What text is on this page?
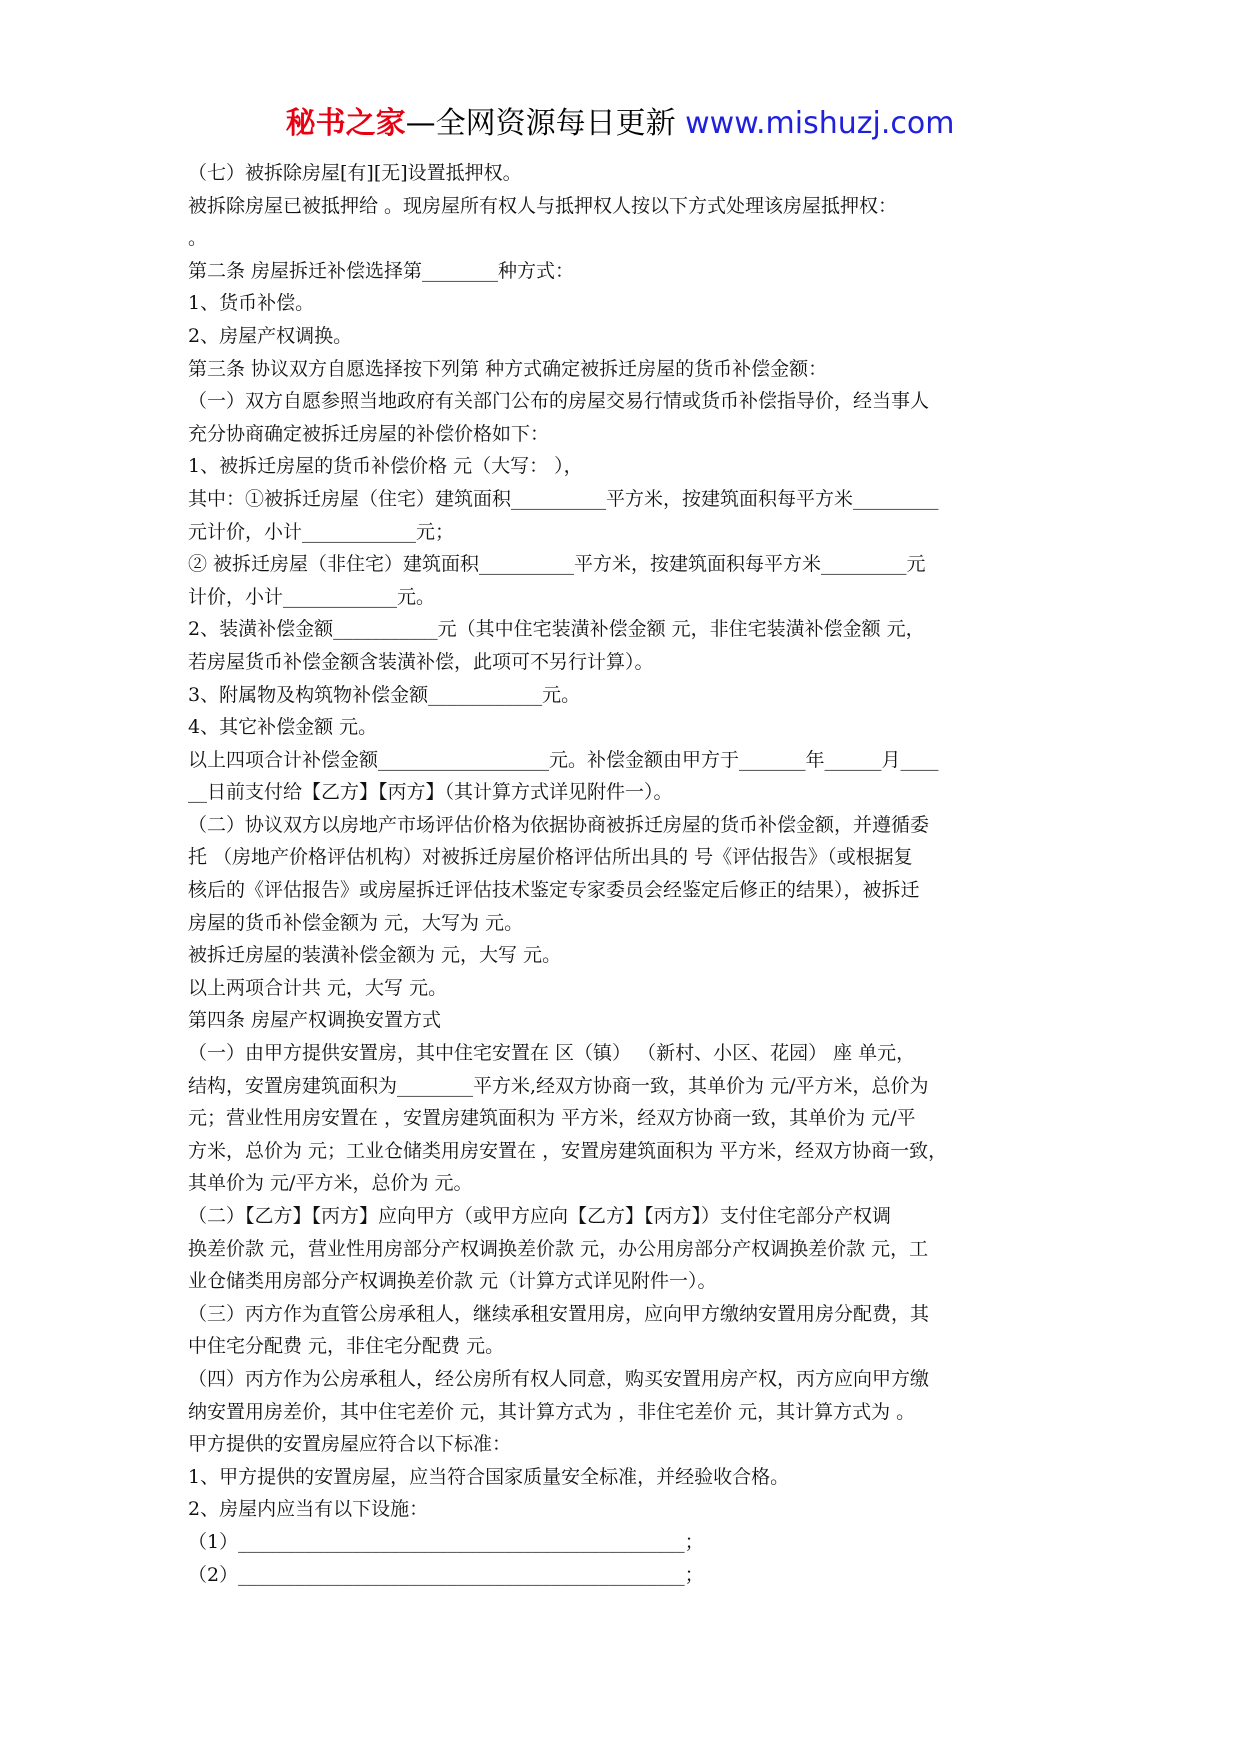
秘书之家—全网资源每日更新 www.mishuzj.com

（七）被拆除房屋[有][无]设置抵押权。

被拆除房屋已被抵押给 。现房屋所有权人与抵押权人按以下方式处理该房屋抵押权：

。

第二条 房屋拆迁补偿选择第________种方式：

1、货币补偿。

2、房屋产权调换。

第三条 协议双方自愿选择按下列第 种方式确定被拆迁房屋的货币补偿金额：

（一）双方自愿参照当地政府有关部门公布的房屋交易行情或货币补偿指导价，经当事人

充分协商确定被拆迁房屋的补偿价格如下：

1、被拆迁房屋的货币补偿价格 元（大写： ），

其中：①被拆迁房屋（住宅）建筑面积__________平方米，按建筑面积每平方米_________

元计价，小计____________元；

② 被拆迁房屋（非住宅）建筑面积__________平方米，按建筑面积每平方米_________元

计价，小计____________元。

2、装潢补偿金额___________元（其中住宅装潢补偿金额 元，非住宅装潢补偿金额 元，

若房屋货币补偿金额含装潢补偿，此项可不另行计算）。

3、附属物及构筑物补偿金额____________元。

4、其它补偿金额 元。

以上四项合计补偿金额__________________元。补偿金额由甲方于_______年______月____

__日前支付给【乙方】【丙方】（其计算方式详见附件一）。

（二）协议双方以房地产市场评估价格为依据协商被拆迁房屋的货币补偿金额，并遵循委

托 （房地产价格评估机构）对被拆迁房屋价格评估所出具的 号《评估报告》（或根据复

核后的《评估报告》或房屋拆迁评估技术鉴定专家委员会经鉴定后修正的结果），被拆迁

房屋的货币补偿金额为 元，大写为 元。

被拆迁房屋的装潢补偿金额为 元，大写 元。

以上两项合计共 元，大写 元。

第四条 房屋产权调换安置方式

（一）由甲方提供安置房，其中住宅安置在 区（镇） （新村、小区、花园） 座 单元，

结构，安置房建筑面积为________平方米,经双方协商一致，其单价为 元/平方米，总价为

元；营业性用房安置在 ，安置房建筑面积为 平方米，经双方协商一致，其单价为 元/平

方米，总价为 元；工业仓储类用房安置在 ，安置房建筑面积为 平方米，经双方协商一致，

其单价为 元/平方米，总价为 元。

（二）【乙方】【丙方】应向甲方（或甲方应向【乙方】【丙方】）支付住宅部分产权调

换差价款 元，营业性用房部分产权调换差价款 元，办公用房部分产权调换差价款 元，工

业仓储类用房部分产权调换差价款 元（计算方式详见附件一）。

（三）丙方作为直管公房承租人，继续承租安置用房，应向甲方缴纳安置用房分配费，其

中住宅分配费 元，非住宅分配费 元。

（四）丙方作为公房承租人，经公房所有权人同意，购买安置用房产权，丙方应向甲方缴

纳安置用房差价，其中住宅差价 元，其计算方式为 ，非住宅差价 元，其计算方式为 。

甲方提供的安置房屋应符合以下标准：

1、甲方提供的安置房屋，应当符合国家质量安全标准，并经验收合格。

2、房屋内应当有以下设施：

（1）_______________________________________________；

（2）_______________________________________________；
